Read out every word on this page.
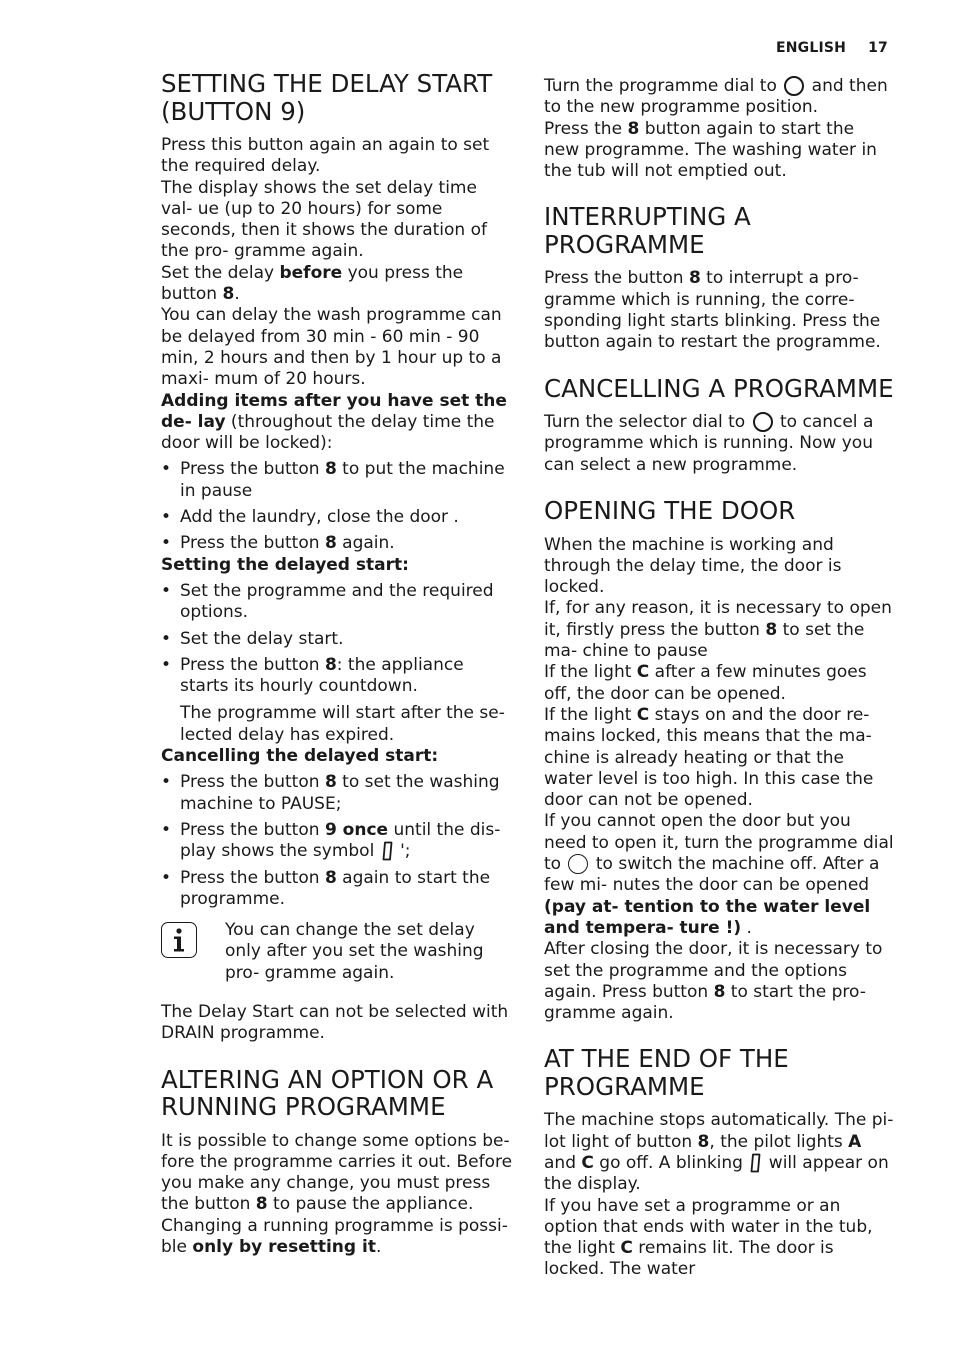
ENGLISH 17
SETTING THE DELAY START (BUTTON 9)

Press this button again an again to set the required delay.

The display shows the set delay time val- ue (up to 20 hours) for some seconds, then it shows the duration of the pro- gramme again.

Set the delay before you press the button 8.

You can delay the wash programme can be delayed from 30 min - 60 min - 90 min, 2 hours and then by 1 hour up to a maxi- mum of 20 hours.

Adding items after you have set the de- lay (throughout the delay time the door will be locked):

• Press the button 8 to put the machine in pause
• Add the laundry, close the door .
• Press the button 8 again.

Setting the delayed start:

• Set the programme and the required options.
• Set the delay start.
• Press the button 8: the appliance starts its hourly countdown.
The programme will start after the se- lected delay has expired.

Cancelling the delayed start:

• Press the button 8 to set the washing machine to PAUSE;
• Press the button 9 once until the dis- play shows the symbol  ';
• Press the button 8 again to start the programme.

You can change the set delay only after you set the washing pro- gramme again.

The Delay Start can not be selected with DRAIN programme.

ALTERING AN OPTION OR A RUNNING PROGRAMME

It is possible to change some options be- fore the programme carries it out. Before you make any change, you must press the button 8 to pause the appliance.

Changing a running programme is possi- ble only by resetting it.

Turn the programme dial to  and then to the new programme position.

Press the 8 button again to start the new programme. The washing water in the tub will not emptied out.

INTERRUPTING A PROGRAMME

Press the button 8 to interrupt a pro- gramme which is running, the corre- sponding light starts blinking. Press the button again to restart the programme.

CANCELLING A PROGRAMME

Turn the selector dial to  to cancel a programme which is running. Now you can select a new programme.

OPENING THE DOOR

When the machine is working and through the delay time, the door is locked.

If, for any reason, it is necessary to open it, firstly press the button 8 to set the ma- chine to pause

If the light C after a few minutes goes off, the door can be opened.

If the light C stays on and the door re- mains locked, this means that the ma- chine is already heating or that the water level is too high. In this case the door can not be opened.

If you cannot open the door but you need to open it, turn the programme dial to  to switch the machine off. After a few mi- nutes the door can be opened (pay at- tention to the water level and tempera- ture !) .

After closing the door, it is necessary to set the programme and the options again. Press button 8 to start the pro- gramme again.

AT THE END OF THE PROGRAMME

The machine stops automatically. The pi- lot light of button 8, the pilot lights A and C go off. A blinking  will appear on the display.

If you have set a programme or an option that ends with water in the tub, the light C remains lit. The door is locked. The water
